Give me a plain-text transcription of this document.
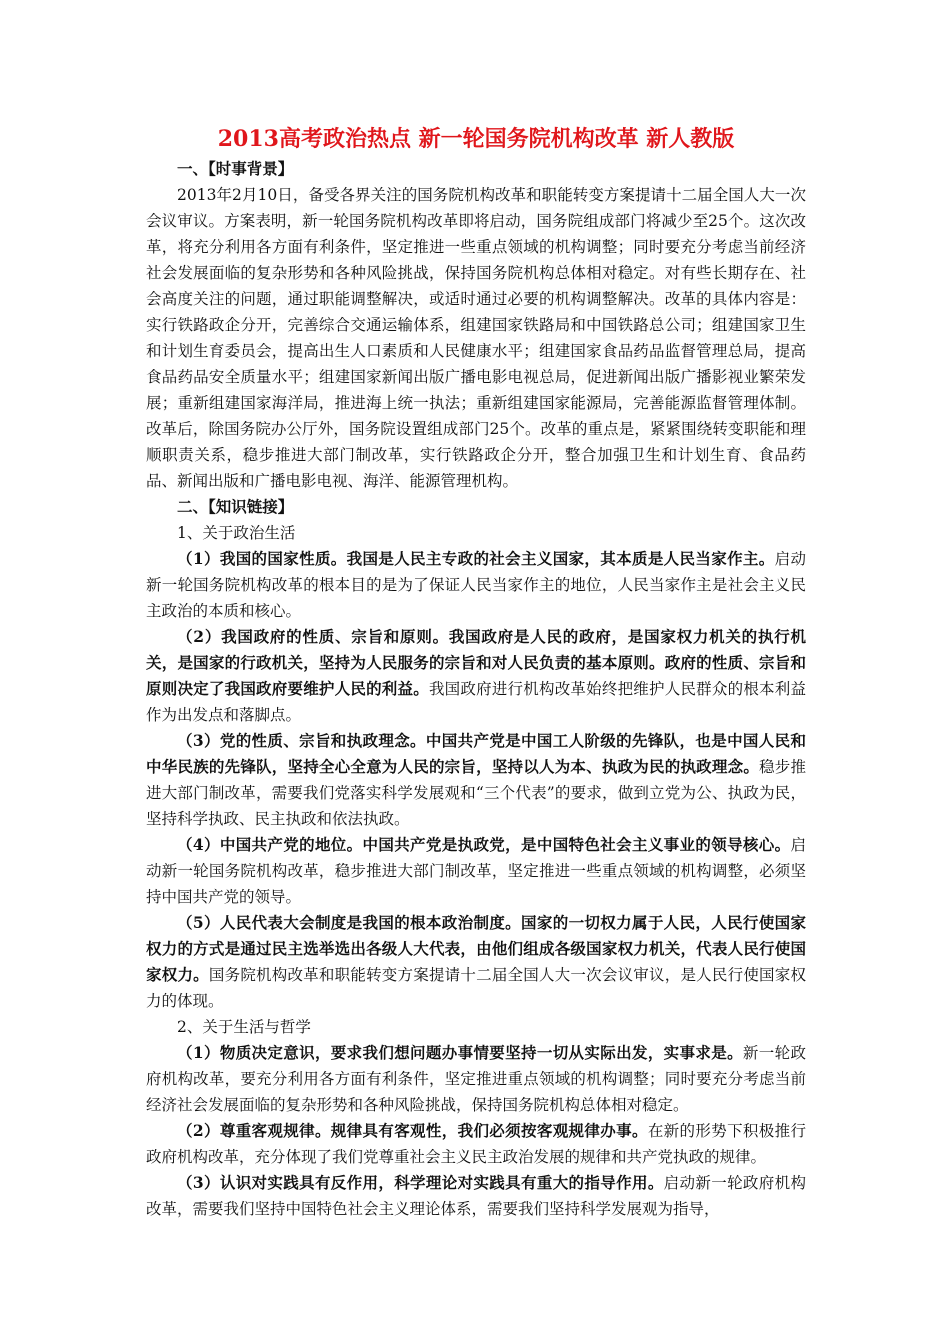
2013高考政治热点 新一轮国务院机构改革 新人教版

一、【时事背景】

2013年2月10日，备受各界关注的国务院机构改革和职能转变方案提请十二届全国人大一次会议审议。方案表明，新一轮国务院机构改革即将启动，国务院组成部门将减少至25个。这次改革，将充分利用各方面有利条件，坚定推进一些重点领域的机构调整；同时要充分考虑当前经济社会发展面临的复杂形势和各种风险挑战，保持国务院机构总体相对稳定。对有些长期存在、社会高度关注的问题，通过职能调整解决，或适时通过必要的机构调整解决。改革的具体内容是：实行铁路政企分开，完善综合交通运输体系，组建国家铁路局和中国铁路总公司；组建国家卫生和计划生育委员会，提高出生人口素质和人民健康水平；组建国家食品药品监督管理总局，提高食品药品安全质量水平；组建国家新闻出版广播电影电视总局，促进新闻出版广播影视业繁荣发展；重新组建国家海洋局，推进海上统一执法；重新组建国家能源局，完善能源监督管理体制。改革后，除国务院办公厅外，国务院设置组成部门25个。改革的重点是，紧紧围绕转变职能和理顺职责关系，稳步推进大部门制改革，实行铁路政企分开，整合加强卫生和计划生育、食品药品、新闻出版和广播电影电视、海洋、能源管理机构。

二、【知识链接】

1、关于政治生活

（1）我国的国家性质。我国是人民主专政的社会主义国家，其本质是人民当家作主。启动新一轮国务院机构改革的根本目的是为了保证人民当家作主的地位，人民当家作主是社会主义民主政治的本质和核心。

（2）我国政府的性质、宗旨和原则。我国政府是人民的政府，是国家权力机关的执行机关，是国家的行政机关，坚持为人民服务的宗旨和对人民负责的基本原则。政府的性质、宗旨和原则决定了我国政府要维护人民的利益。我国政府进行机构改革始终把维护人民群众的根本利益作为出发点和落脚点。

（3）党的性质、宗旨和执政理念。中国共产党是中国工人阶级的先锋队，也是中国人民和中华民族的先锋队，坚持全心全意为人民的宗旨，坚持以人为本、执政为民的执政理念。稳步推进大部门制改革，需要我们党落实科学发展观和“三个代表”的要求，做到立党为公、执政为民，坚持科学执政、民主执政和依法执政。

（4）中国共产党的地位。中国共产党是执政党，是中国特色社会主义事业的领导核心。启动新一轮国务院机构改革，稳步推进大部门制改革，坚定推进一些重点领域的机构调整，必须坚持中国共产党的领导。

（5）人民代表大会制度是我国的根本政治制度。国家的一切权力属于人民，人民行使国家权力的方式是通过民主选举选出各级人大代表，由他们组成各级国家权力机关，代表人民行使国家权力。国务院机构改革和职能转变方案提请十二届全国人大一次会议审议，是人民行使国家权力的体现。

2、关于生活与哲学

（1）物质决定意识，要求我们想问题办事情要坚持一切从实际出发，实事求是。新一轮政府机构改革，要充分利用各方面有利条件，坚定推进重点领域的机构调整；同时要充分考虑当前经济社会发展面临的复杂形势和各种风险挑战，保持国务院机构总体相对稳定。

（2）尊重客观规律。规律具有客观性，我们必须按客观规律办事。在新的形势下积极推行政府机构改革，充分体现了我们党尊重社会主义民主政治发展的规律和共产党执政的规律。

（3）认识对实践具有反作用，科学理论对实践具有重大的指导作用。启动新一轮政府机构改革，需要我们坚持中国特色社会主义理论体系，需要我们坚持科学发展观为指导，
